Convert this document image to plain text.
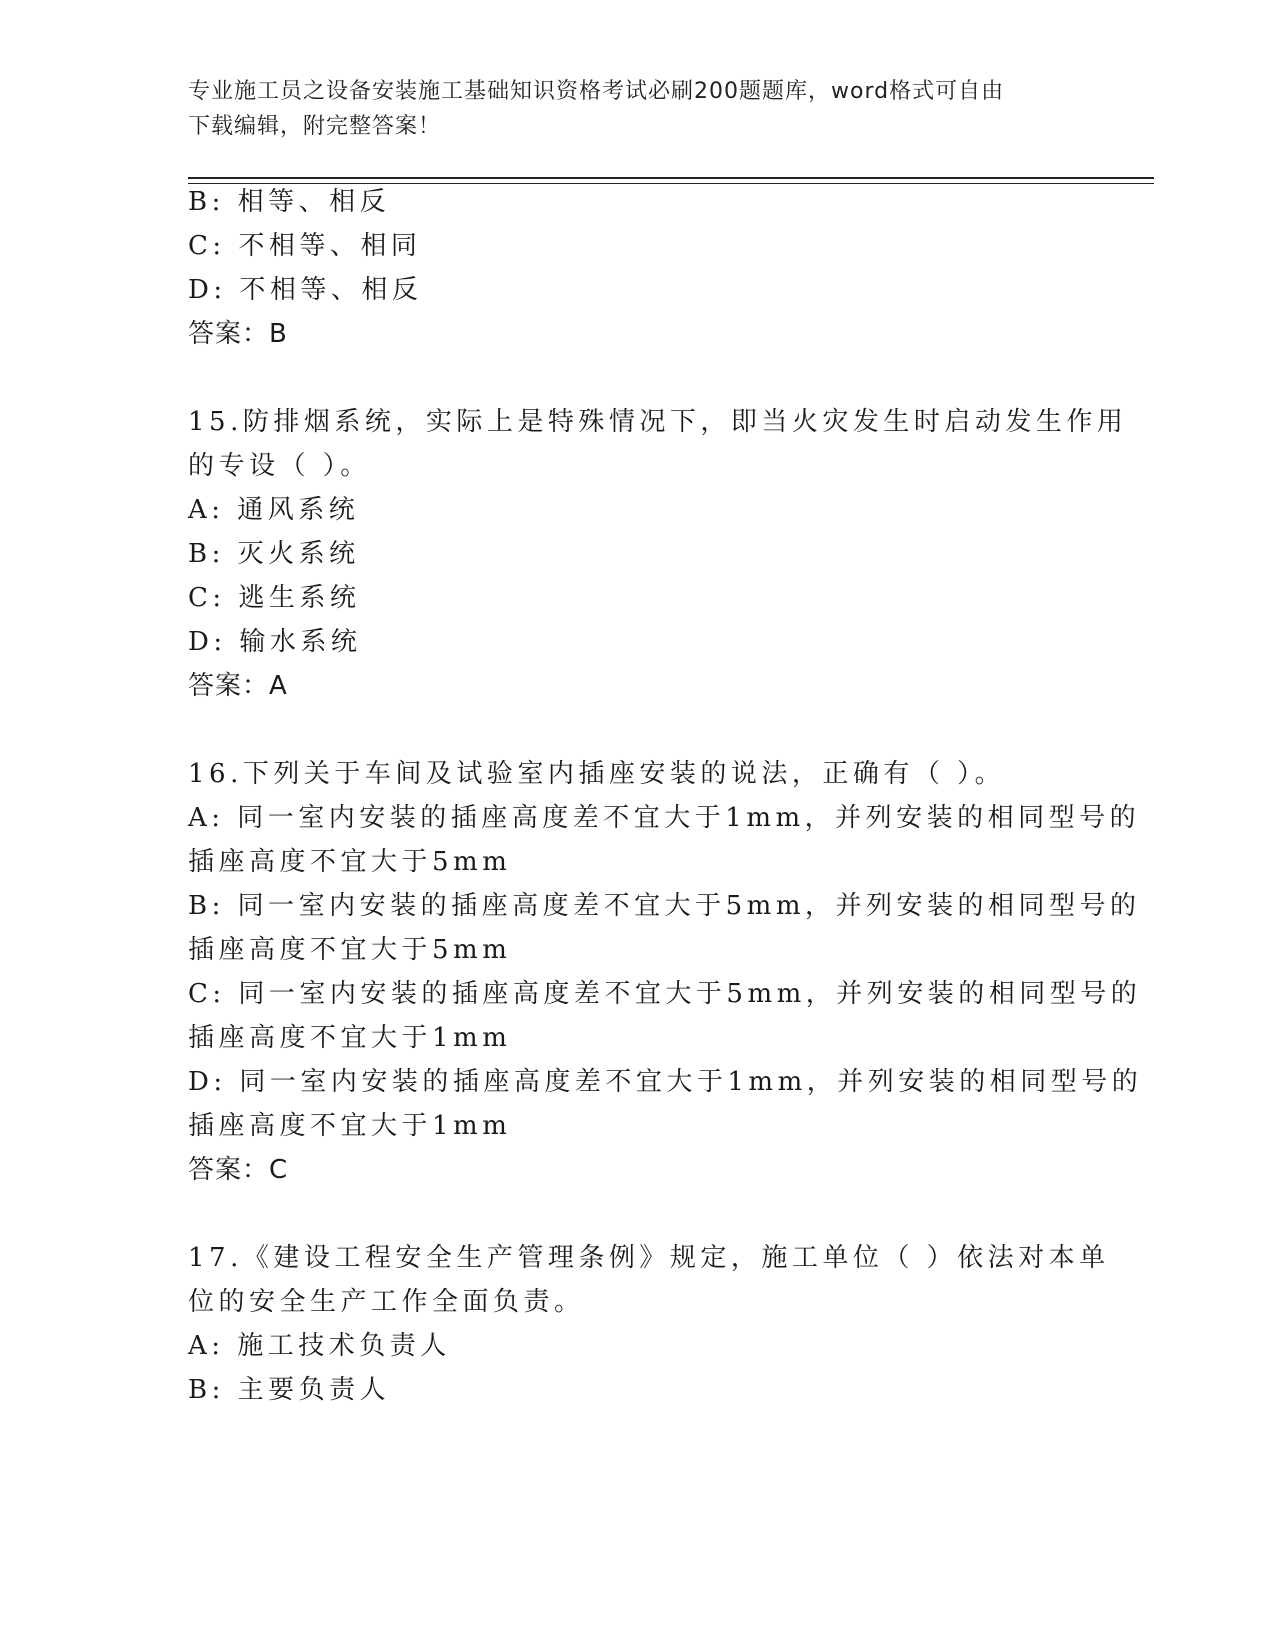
专业施工员之设备安装施工基础知识资格考试必刷200题题库，word格式可自由
下载编辑，附完整答案！
B: 相等、相反
C: 不相等、相同
D: 不相等、相反
答案：B
15.防排烟系统，实际上是特殊情况下，即当火灾发生时启动发生作用
的专设（ ）。
A: 通风系统
B: 灭火系统
C: 逃生系统
D: 输水系统
答案：A
16.下列关于车间及试验室内插座安装的说法，正确有（ ）。
A: 同一室内安装的插座高度差不宜大于1mm，并列安装的相同型号的
插座高度不宜大于5mm
B: 同一室内安装的插座高度差不宜大于5mm，并列安装的相同型号的
插座高度不宜大于5mm
C: 同一室内安装的插座高度差不宜大于5mm，并列安装的相同型号的
插座高度不宜大于1mm
D: 同一室内安装的插座高度差不宜大于1mm，并列安装的相同型号的
插座高度不宜大于1mm
答案：C
17.《建设工程安全生产管理条例》规定，施工单位（ ）依法对本单
位的安全生产工作全面负责。
A: 施工技术负责人
B: 主要负责人
